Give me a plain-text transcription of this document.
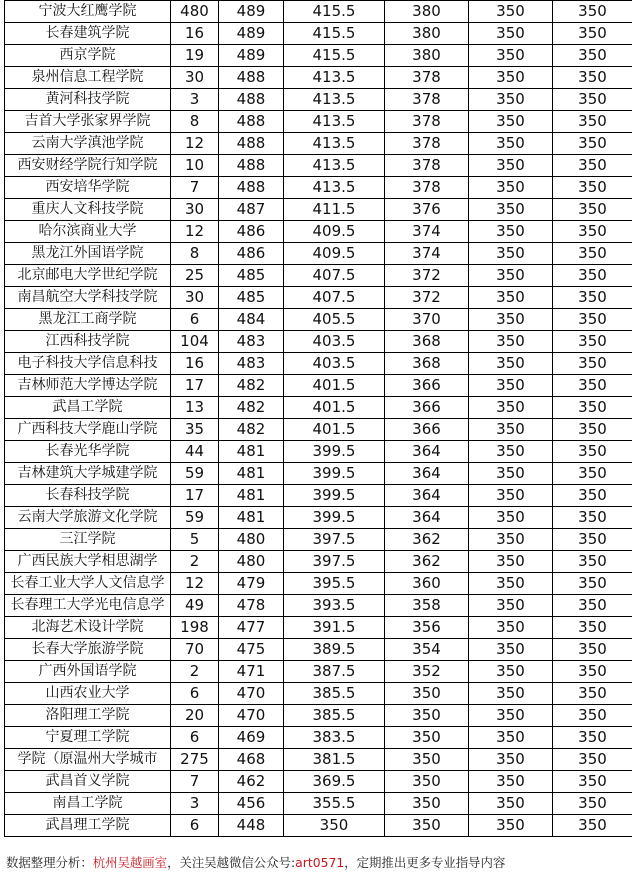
宁波大红鹰学院	480	489	415.5	380	350	350
长春建筑学院	16	489	415.5	380	350	350
西京学院	19	489	415.5	380	350	350
泉州信息工程学院	30	488	413.5	378	350	350
黄河科技学院	3	488	413.5	378	350	350
吉首大学张家界学院	8	488	413.5	378	350	350
云南大学滇池学院	12	488	413.5	378	350	350
西安财经学院行知学院	10	488	413.5	378	350	350
西安培华学院	7	488	413.5	378	350	350
重庆人文科技学院	30	487	411.5	376	350	350
哈尔滨商业大学	12	486	409.5	374	350	350
黑龙江外国语学院	8	486	409.5	374	350	350
北京邮电大学世纪学院	25	485	407.5	372	350	350
南昌航空大学科技学院	30	485	407.5	372	350	350
黑龙江工商学院	6	484	405.5	370	350	350
江西科技学院	104	483	403.5	368	350	350
电子科技大学信息科技	16	483	403.5	368	350	350
吉林师范大学博达学院	17	482	401.5	366	350	350
武昌工学院	13	482	401.5	366	350	350
广西科技大学鹿山学院	35	482	401.5	366	350	350
长春光华学院	44	481	399.5	364	350	350
吉林建筑大学城建学院	59	481	399.5	364	350	350
长春科技学院	17	481	399.5	364	350	350
云南大学旅游文化学院	59	481	399.5	364	350	350
三江学院	5	480	397.5	362	350	350
广西民族大学相思湖学	2	480	397.5	362	350	350
长春工业大学人文信息学	12	479	395.5	360	350	350
长春理工大学光电信息学	49	478	393.5	358	350	350
北海艺术设计学院	198	477	391.5	356	350	350
长春大学旅游学院	70	475	389.5	354	350	350
广西外国语学院	2	471	387.5	352	350	350
山西农业大学	6	470	385.5	350	350	350
洛阳理工学院	20	470	385.5	350	350	350
宁夏理工学院	6	469	383.5	350	350	350
学院（原温州大学城市	275	468	381.5	350	350	350
武昌首义学院	7	462	369.5	350	350	350
南昌工学院	3	456	355.5	350	350	350
武昌理工学院	6	448	350	350	350	350
数据整理分析：杭州吴越画室，关注吴越微信公众号:art0571，定期推出更多专业指导内容
